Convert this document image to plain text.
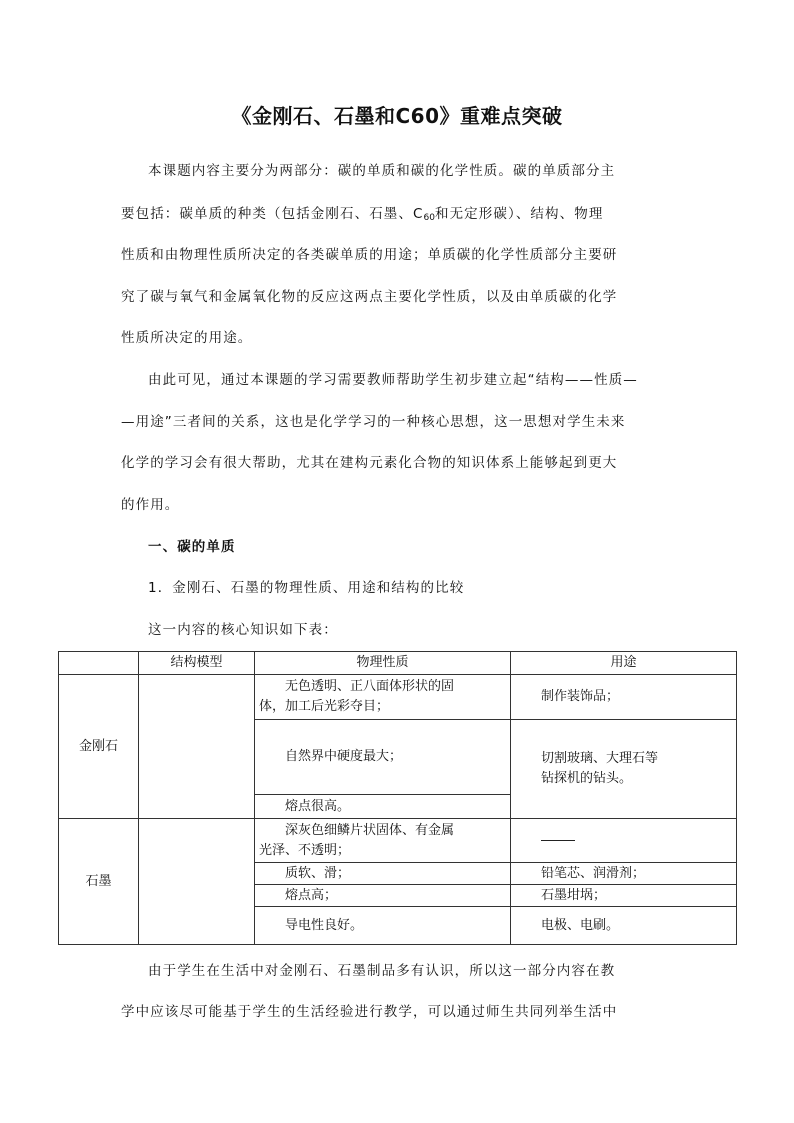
《金刚石、石墨和C60》重难点突破
本课题内容主要分为两部分：碳的单质和碳的化学性质。碳的单质部分主
要包括：碳单质的种类（包括金刚石、石墨、$C_{60}$和无定形碳）、结构、物理
性质和由物理性质所决定的各类碳单质的用途；单质碳的化学性质部分主要研
究了碳与氧气和金属氧化物的反应这两点主要化学性质，以及由单质碳的化学
性质所决定的用途。
由此可见，通过本课题的学习需要教师帮助学生初步建立起“结构——性质—
—用途”三者间的关系，这也是化学学习的一种核心思想，这一思想对学生未来
化学的学习会有很大帮助，尤其在建构元素化合物的知识体系上能够起到更大
的作用。
一、碳的单质
1．金刚石、石墨的物理性质、用途和结构的比较
这一内容的核心知识如下表：
	结构模型	物理性质	用途
金刚石		无色透明、正八面体形状的固
体，加工后光彩夺目；	制作装饰品；
		自然界中硬度最大；	切割玻璃、大理石等
钻探机的钻头。
		熔点很高。	
石墨		深灰色细鳞片状固体、有金属
光泽、不透明；	
		质软、滑；	铅笔芯、润滑剂；
		熔点高；	石墨坩埚；
		导电性良好。	电极、电刷。
由于学生在生活中对金刚石、石墨制品多有认识，所以这一部分内容在教
学中应该尽可能基于学生的生活经验进行教学，可以通过师生共同列举生活中
